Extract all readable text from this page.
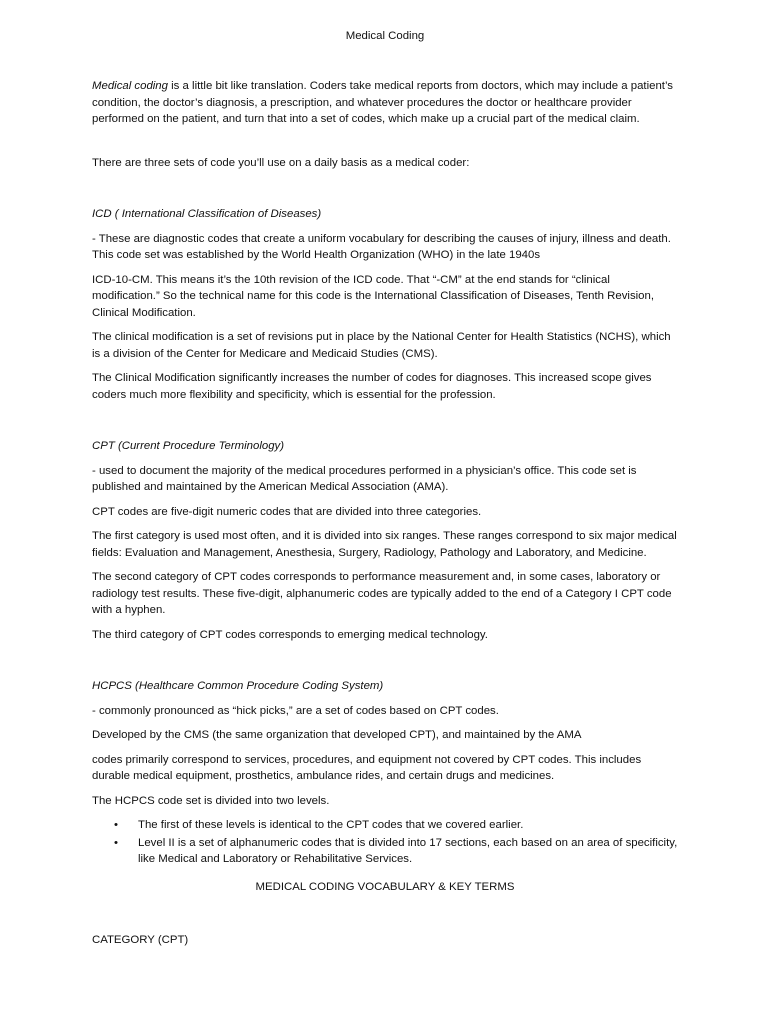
Medical Coding

Medical coding is a little bit like translation. Coders take medical reports from doctors, which may include a patient’s condition, the doctor’s diagnosis, a prescription, and whatever procedures the doctor or healthcare provider performed on the patient, and turn that into a set of codes, which make up a crucial part of the medical claim.

There are three sets of code you’ll use on a daily basis as a medical coder:

ICD ( International Classification of Diseases)

- These are diagnostic codes that create a uniform vocabulary for describing the causes of injury, illness and death. This code set was established by the World Health Organization (WHO) in the late 1940s

ICD-10-CM. This means it’s the 10th revision of the ICD code. That “-CM” at the end stands for “clinical modification.” So the technical name for this code is the International Classification of Diseases, Tenth Revision, Clinical Modification.

The clinical modification is a set of revisions put in place by the National Center for Health Statistics (NCHS), which is a division of the Center for Medicare and Medicaid Studies (CMS).

The Clinical Modification significantly increases the number of codes for diagnoses. This increased scope gives coders much more flexibility and specificity, which is essential for the profession.

CPT (Current Procedure Terminology)

- used to document the majority of the medical procedures performed in a physician’s office. This code set is published and maintained by the American Medical Association (AMA).

CPT codes are five-digit numeric codes that are divided into three categories.

The first category is used most often, and it is divided into six ranges. These ranges correspond to six major medical fields: Evaluation and Management, Anesthesia, Surgery, Radiology, Pathology and Laboratory, and Medicine.

The second category of CPT codes corresponds to performance measurement and, in some cases, laboratory or radiology test results. These five-digit, alphanumeric codes are typically added to the end of a Category I CPT code with a hyphen.

The third category of CPT codes corresponds to emerging medical technology.

HCPCS (Healthcare Common Procedure Coding System)

- commonly pronounced as “hick picks,” are a set of codes based on CPT codes.

Developed by the CMS (the same organization that developed CPT), and maintained by the AMA

codes primarily correspond to services, procedures, and equipment not covered by CPT codes. This includes durable medical equipment, prosthetics, ambulance rides, and certain drugs and medicines.

The HCPCS code set is divided into two levels.

• The first of these levels is identical to the CPT codes that we covered earlier.
• Level II is a set of alphanumeric codes that is divided into 17 sections, each based on an area of specificity, like Medical and Laboratory or Rehabilitative Services.

MEDICAL CODING VOCABULARY & KEY TERMS

CATEGORY (CPT)
